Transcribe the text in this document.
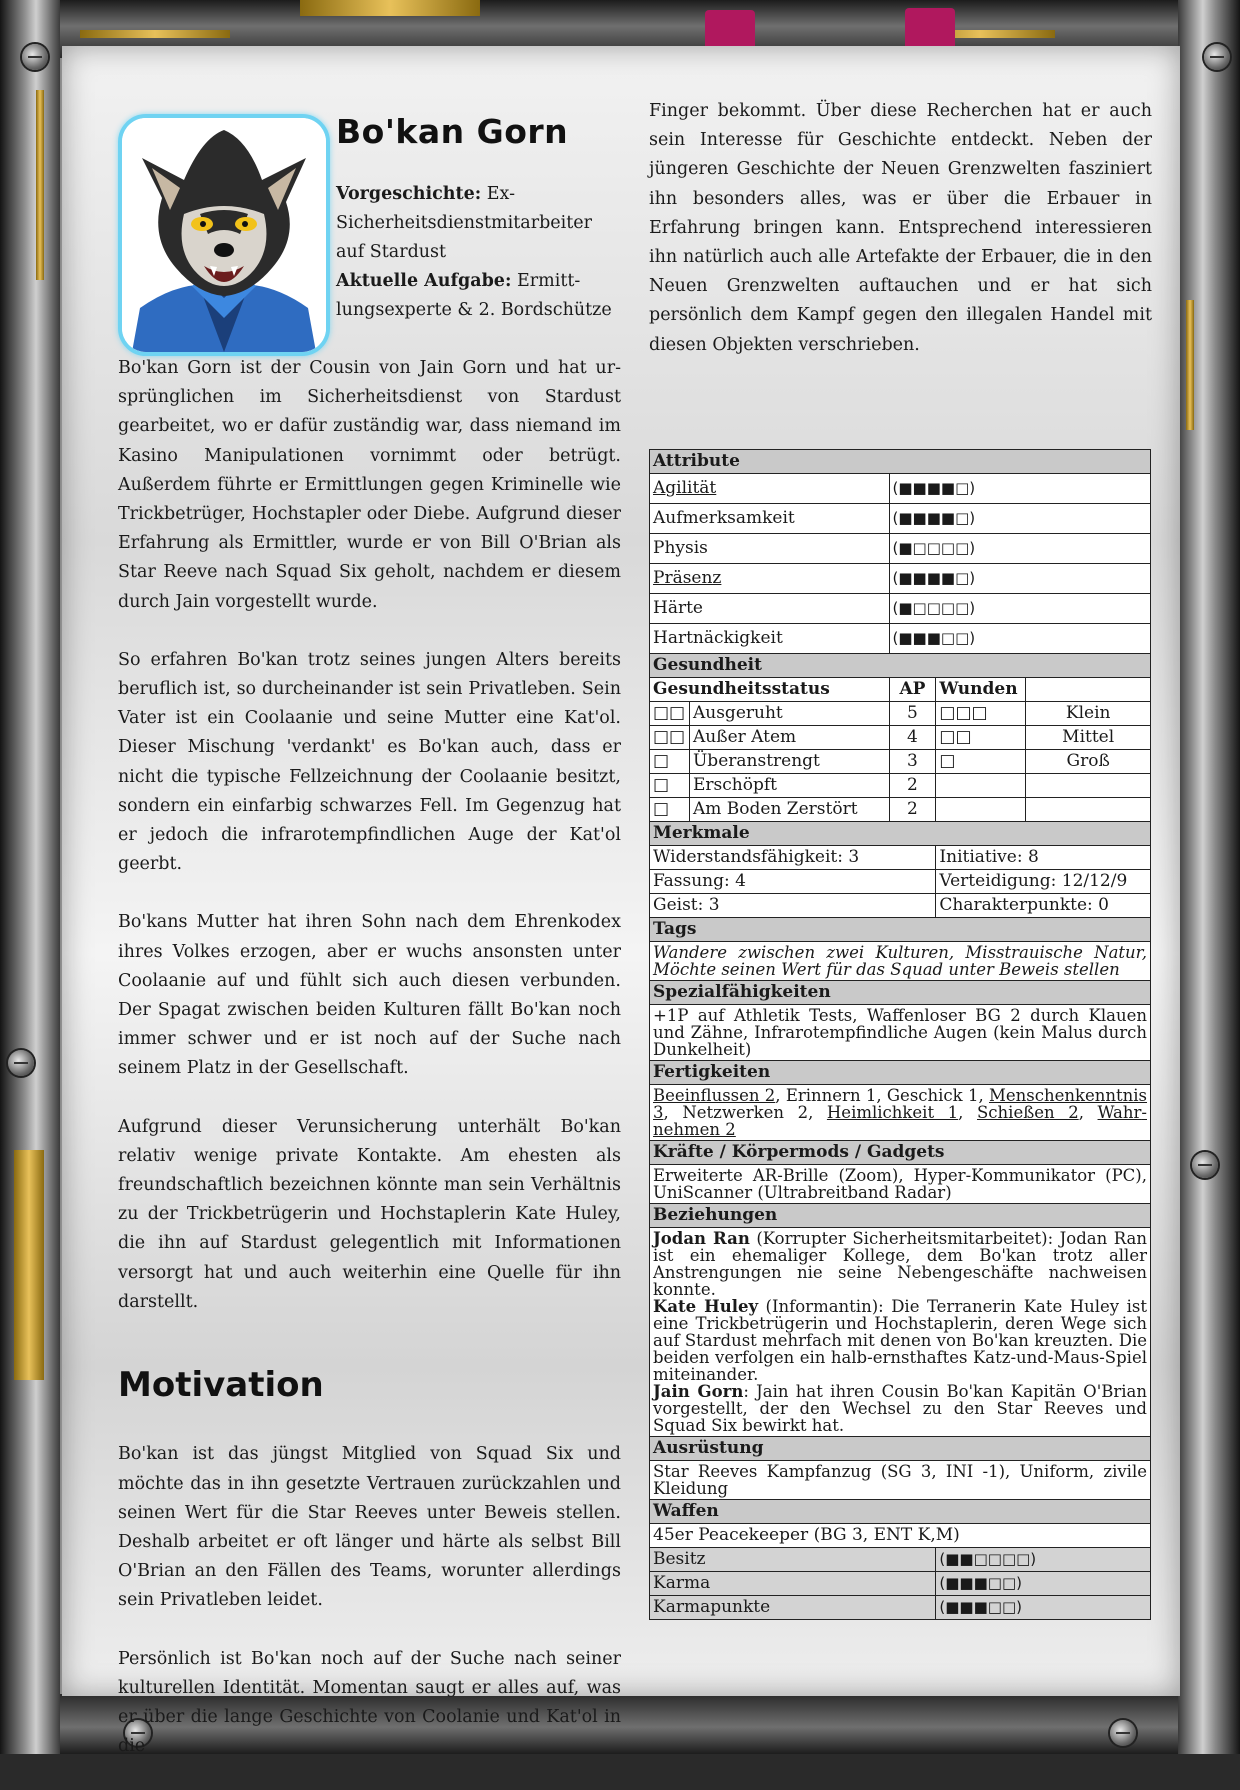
Bo'kan Gorn

Vorgeschichte: Ex-Sicherheitsdienstmitarbeiter auf Stardust
Aktuelle Aufgabe: Ermittlungsexperte & 2. Bordschütze

Bo'kan Gorn ist der Cousin von Jain Gorn und hat ursprünglichen im Sicherheitsdienst von Stardust gearbeitet, wo er dafür zuständig war, dass niemand im Kasino Manipulationen vornimmt oder betrügt. Außerdem führte er Ermittlungen gegen Kriminelle wie Trickbetrüger, Hochstapler oder Diebe. Aufgrund dieser Erfahrung als Ermittler, wurde er von Bill O'Brian als Star Reeve nach Squad Six geholt, nachdem er diesem durch Jain vorgestellt wurde.

So erfahren Bo'kan trotz seines jungen Alters bereits beruflich ist, so durcheinander ist sein Privatleben. Sein Vater ist ein Coolaanie und seine Mutter eine Kat'ol. Dieser Mischung 'verdankt' es Bo'kan auch, dass er nicht die typische Fellzeichnung der Coolaanie besitzt, sondern ein einfarbig schwarzes Fell. Im Gegenzug hat er jedoch die infrarotempfindlichen Auge der Kat'ol geerbt.

Bo'kans Mutter hat ihren Sohn nach dem Ehrenkodex ihres Volkes erzogen, aber er wuchs ansonsten unter Coolaanie auf und fühlt sich auch diesen verbunden. Der Spagat zwischen beiden Kulturen fällt Bo'kan noch immer schwer und er ist noch auf der Suche nach seinem Platz in der Gesellschaft.

Aufgrund dieser Verunsicherung unterhält Bo'kan relativ wenige private Kontakte. Am ehesten als freundschaftlich bezeichnen könnte man sein Verhältnis zu der Trickbetrügerin und Hochstaplerin Kate Huley, die ihn auf Stardust gelegentlich mit Informationen versorgt hat und auch weiterhin eine Quelle für ihn darstellt.

Motivation

Bo'kan ist das jüngst Mitglied von Squad Six und möchte das in ihn gesetzte Vertrauen zurückzahlen und seinen Wert für die Star Reeves unter Beweis stellen. Deshalb arbeitet er oft länger und härte als selbst Bill O'Brian an den Fällen des Teams, worunter allerdings sein Privatleben leidet.

Persönlich ist Bo'kan noch auf der Suche nach seiner kulturellen Identität. Momentan saugt er alles auf, was er über die lange Geschichte von Coolanie und Kat'ol in die

Finger bekommt. Über diese Recherchen hat er auch sein Interesse für Geschichte entdeckt. Neben der jüngeren Geschichte der Neuen Grenzwelten fasziniert ihn besonders alles, was er über die Erbauer in Erfahrung bringen kann. Entsprechend interessieren ihn natürlich auch alle Artefakte der Erbauer, die in den Neuen Grenzwelten auftauchen und er hat sich persönlich dem Kampf gegen den illegalen Handel mit diesen Objekten verschrieben.

Attribute				
Agilität		(■■■■□)		
Aufmerksamkeit		(■■■■□)		
Physis		(■□□□□)		
Präsenz		(■■■■□)		
Härte		(■□□□□)		
Hartnäckigkeit		(■■■□□)		
Gesundheit				
Gesundheitsstatus		AP	Wunden	
□□	Ausgeruht	5	□□□	Klein
□□	Außer Atem	4	□□	Mittel
□	Überanstrengt	3	□	Groß
□	Erschöpft	2		
□	Am Boden Zerstört	2		
Merkmale				
Widerstandsfähigkeit: 3			Initiative: 8	
Fassung: 4			Verteidigung: 12/12/9	
Geist: 3			Charakterpunkte: 0	
Tags				
Wandere zwischen zwei Kulturen, Misstrauische Natur, Möchte seinen Wert für das Squad unter Beweis stellen				
Spezialfähigkeiten				
+1P auf Athletik Tests, Waffenloser BG 2 durch Klauen und Zähne, Infrarotempfindliche Augen (kein Malus durch Dunkelheit)				
Fertigkeiten				
Beeinflussen 2, Erinnern 1, Geschick 1, Menschenkenntnis 3, Netzwerken 2, Heimlichkeit 1, Schießen 2, Wahrnehmen 2				
Kräfte / Körpermods / Gadgets				
Erweiterte AR-Brille (Zoom), Hyper-Kommunikator (PC), UniScanner (Ultrabreitband Radar)				
Beziehungen				

Jodan Ran (Korrupter Sicherheitsmitarbeitet): Jodan Ran ist ein ehemaliger Kollege, dem Bo'kan trotz aller Anstrengungen nie seine Nebengeschäfte nachweisen konnte.
Kate Huley (Informantin): Die Terranerin Kate Huley ist eine Trickbetrügerin und Hochstaplerin, deren Wege sich auf Stardust mehrfach mit denen von Bo'kan kreuzten. Die beiden verfolgen ein halb-ernsthaftes Katz-und-Maus-Spiel miteinander.
Jain Gorn: Jain hat ihren Cousin Bo'kan Kapitän O'Brian vorgestellt, der den Wechsel zu den Star Reeves und Squad Six bewirkt hat.				

Ausrüstung				
Star Reeves Kampfanzug (SG 3, INI -1), Uniform, zivile Kleidung				
Waffen				
45er Peacekeeper (BG 3, ENT K,M)				
Besitz			(■■□□□□)	
Karma			(■■■□□)	
Karmapunkte			(■■■□□)	
